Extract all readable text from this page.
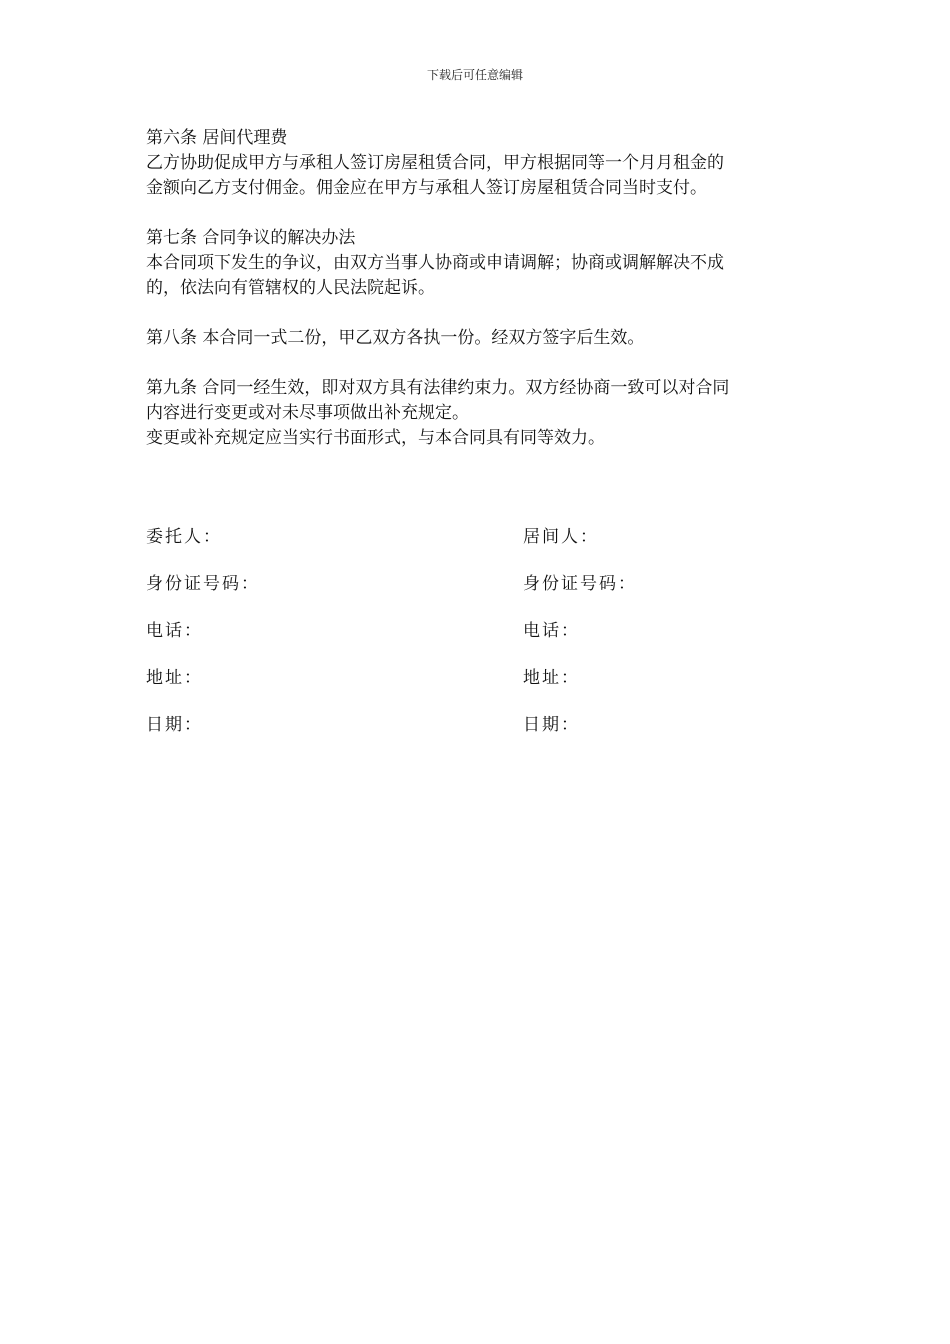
下载后可任意编辑

第六条 居间代理费

乙方协助促成甲方与承租人签订房屋租赁合同，甲方根据同等一个月月租金的

金额向乙方支付佣金。佣金应在甲方与承租人签订房屋租赁合同当时支付。

第七条 合同争议的解决办法

本合同项下发生的争议，由双方当事人协商或申请调解；协商或调解解决不成

的，依法向有管辖权的人民法院起诉。

第八条 本合同一式二份，甲乙双方各执一份。经双方签字后生效。

第九条 合同一经生效，即对双方具有法律约束力。双方经协商一致可以对合同

内容进行变更或对未尽事项做出补充规定。

变更或补充规定应当实行书面形式，与本合同具有同等效力。

委托人：	居间人：
身份证号码：	身份证号码：
电话：	电话：
地址：	地址：
日期：	日期：
